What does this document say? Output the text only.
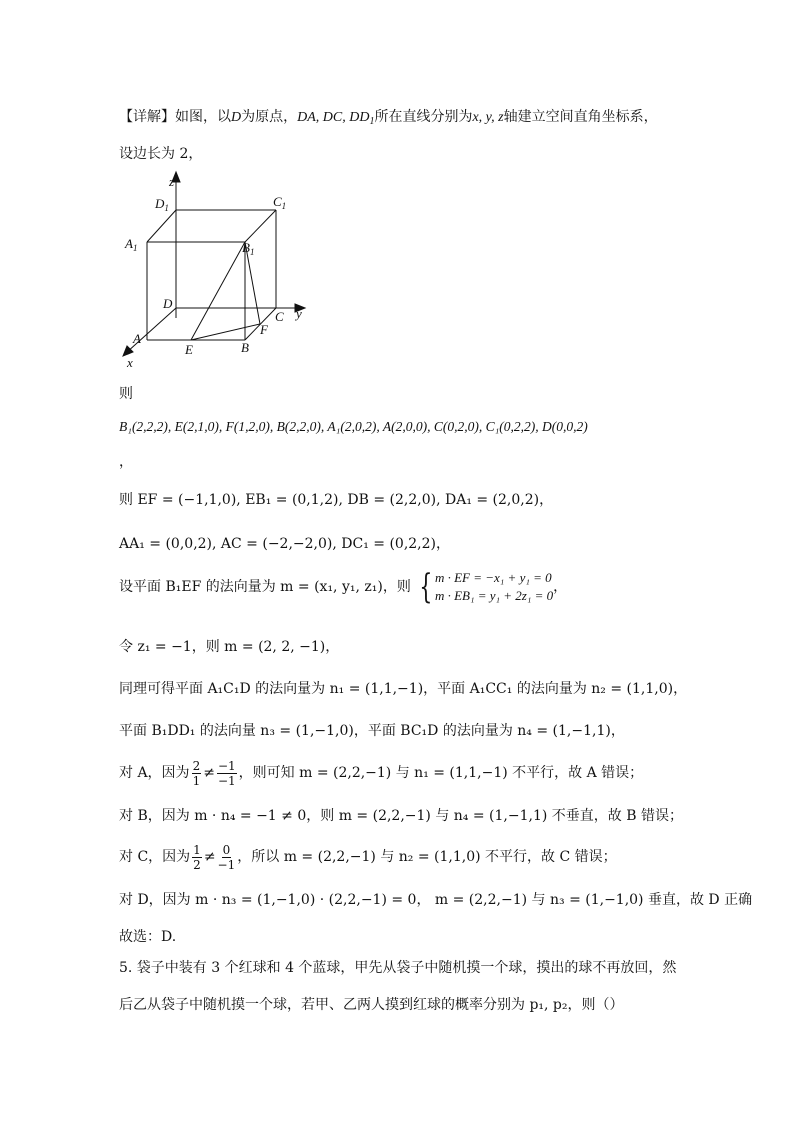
【详解】如图，以D为原点，DA, DC, $DD_1$所在直线分别为x, y, z轴建立空间直角坐标系，
设边长为 2，
z
$D_1$	$C_1$
$A_1$	$B_1$
D
C y
A
F
E	B
x
则
B₁(2,2,2), E(2,1,0), F(1,2,0), B(2,2,0), A₁(2,0,2), A(2,0,0), C(0,2,0), C₁(0,2,2), D(0,0,2)
，
则 EF = (−1,1,0), EB₁ = (0,1,2), DB = (2,2,0), DA₁ = (2,0,2)，
AA₁ = (0,0,2), AC = (−2,−2,0), DC₁ = (0,2,2)，
设平面 B₁EF 的法向量为 m = (x₁, y₁, z₁)，则 { m · EF = −x₁ + y₁ = 0
m · EB₁ = y₁ + 2z₁ = 0
，
令 z₁ = −1，则 m = (2, 2, −1)，
同理可得平面 A₁C₁D 的法向量为 n₁ = (1,1,−1)，平面 A₁CC₁ 的法向量为 n₂ = (1,1,0)，
平面 B₁DD₁ 的法向量 n₃ = (1,−1,0)，平面 BC₁D 的法向量为 n₄ = (1,−1,1)，
对 A，因为 $\frac{2}{1} \ne \frac{-1}{-1}$ ，则可知 m = (2,2,−1) 与 n₁ = (1,1,−1) 不平行，故 A 错误；
对 B，因为 m · n₄ = −1 ≠ 0，则 m = (2,2,−1) 与 n₄ = (1,−1,1) 不垂直，故 B 错误；
对 C，因为 $\frac{1}{2} \ne \frac{0}{-1}$ ，所以 m = (2,2,−1) 与 n₂ = (1,1,0) 不平行，故 C 错误；
对 D，因为 m · n₃ = (1,−1,0) · (2,2,−1) = 0， m = (2,2,−1) 与 n₃ = (1,−1,0) 垂直，故 D 正确
故选：D.
5. 袋子中装有 3 个红球和 4 个蓝球，甲先从袋子中随机摸一个球，摸出的球不再放回，然
后乙从袋子中随机摸一个球，若甲、乙两人摸到红球的概率分别为 p₁, p₂，则（）
